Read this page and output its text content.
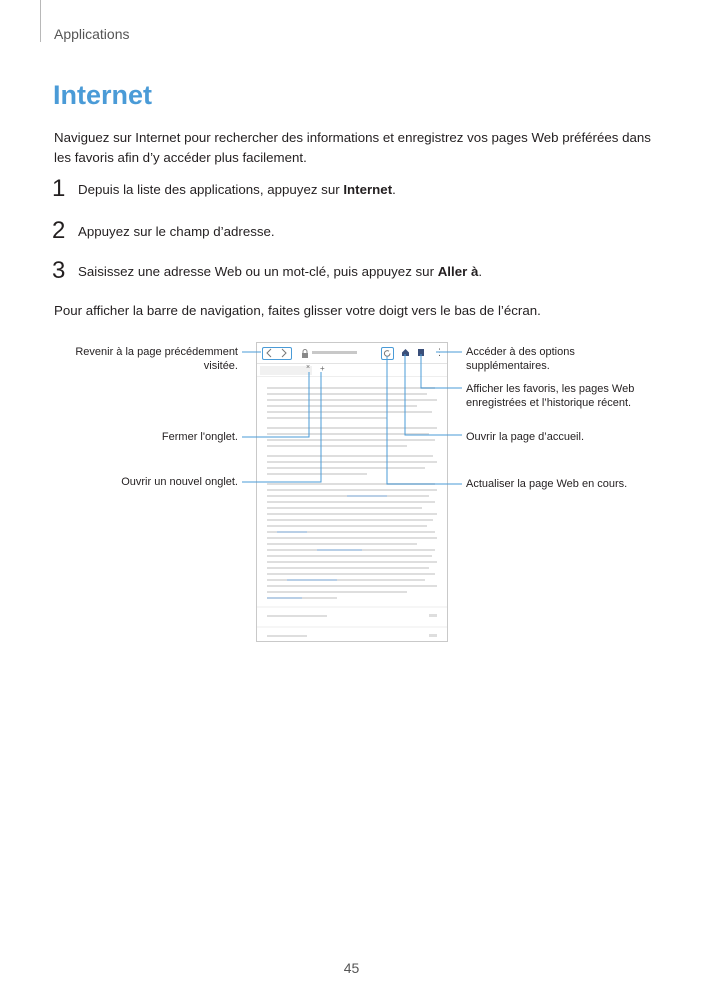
Applications
Internet

Naviguez sur Internet pour rechercher des informations et enregistrez vos pages Web préférées dans les favoris afin d’y accéder plus facilement.

1 Depuis la liste des applications, appuyez sur Internet.
2 Appuyez sur le champ d’adresse.
3 Saisissez une adresse Web ou un mot-clé, puis appuyez sur Aller à.

Pour afficher la barre de navigation, faites glisser votre doigt vers le bas de l’écran.

Revenir à la page précédemment visitée.
Fermer l'onglet.
Ouvrir un nouvel onglet.
Accéder à des options supplémentaires.
Afficher les favoris, les pages Web enregistrées et l’historique récent.
Ouvrir la page d’accueil.
Actualiser la page Web en cours.
⋮
× +
45
